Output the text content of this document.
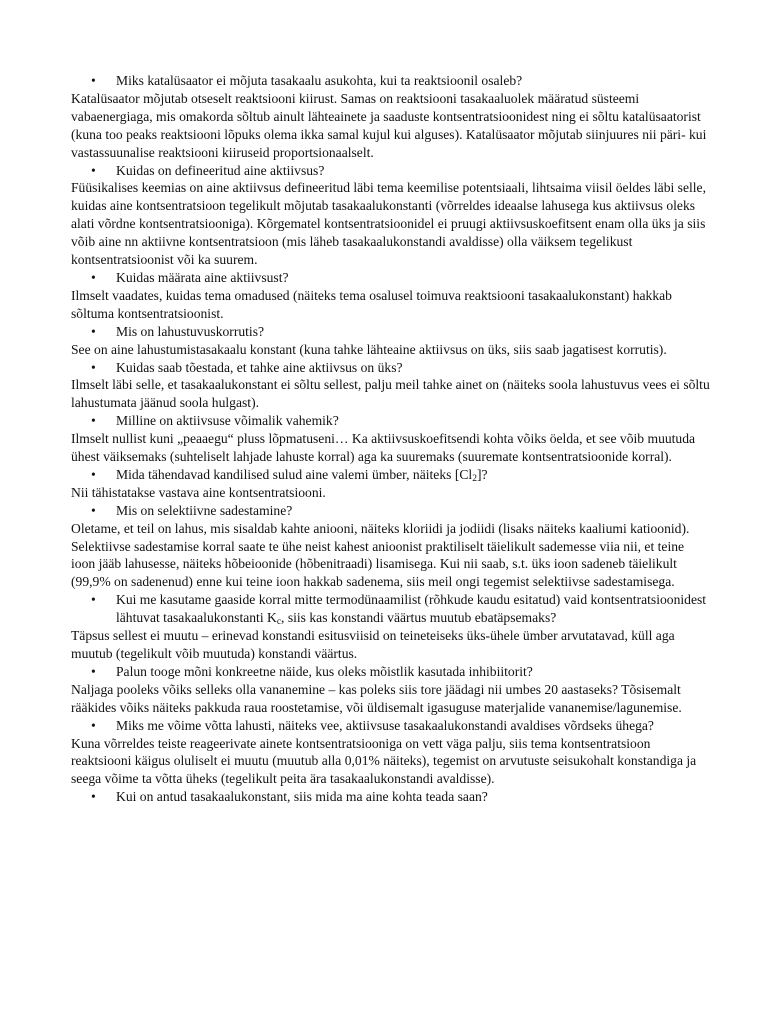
• Miks katalüsaator ei mõjuta tasakaalu asukohta, kui ta reaktsioonil osaleb?
Katalüsaator mõjutab otseselt reaktsiooni kiirust. Samas on reaktsiooni tasakaaluolek määratud süsteemi vabaenergiaga, mis omakorda sõltub ainult lähteainete ja saaduste kontsentratsioonidest ning ei sõltu katalüsaatorist (kuna too peaks reaktsiooni lõpuks olema ikka samal kujul kui alguses). Katalüsaator mõjutab siinjuures nii päri- kui vastassuunalise reaktsiooni kiiruseid proportsionaalselt.
• Kuidas on defineeritud aine aktiivsus?
Füüsikalises keemias on aine aktiivsus defineeritud läbi tema keemilise potentsiaali, lihtsaima viisil öeldes läbi selle, kuidas aine kontsentratsioon tegelikult mõjutab tasakaalukonstanti (võrreldes ideaalse lahusega kus aktiivsus oleks alati võrdne kontsentratsiooniga). Kõrgematel kontsentratsioonidel ei pruugi aktiivsuskoefitsent enam olla üks ja siis võib aine nn aktiivne kontsentratsioon (mis läheb tasakaalukonstandi avaldisse) olla väiksem tegelikust kontsentratsioonist või ka suurem.
• Kuidas määrata aine aktiivsust?
Ilmselt vaadates, kuidas tema omadused (näiteks tema osalusel toimuva reaktsiooni tasakaalukonstant) hakkab sõltuma kontsentratsioonist.
• Mis on lahustuvuskorrutis?
See on aine lahustumistasakaalu konstant (kuna tahke lähteaine aktiivsus on üks, siis saab jagatisest korrutis).
• Kuidas saab tõestada, et tahke aine aktiivsus on üks?
Ilmselt läbi selle, et tasakaalukonstant ei sõltu sellest, palju meil tahke ainet on (näiteks soola lahustuvus vees ei sõltu lahustumata jäänud soola hulgast).
• Milline on aktiivsuse võimalik vahemik?
Ilmselt nullist kuni „peaaegu“ pluss lõpmatuseni… Ka aktiivsuskoefitsendi kohta võiks öelda, et see võib muutuda ühest väiksemaks (suhteliselt lahjade lahuste korral) aga ka suuremaks (suuremate kontsentratsioonide korral).
• Mida tähendavad kandilised sulud aine valemi ümber, näiteks $[Cl_2]$?
Nii tähistatakse vastava aine kontsentratsiooni.
• Mis on selektiivne sadestamine?
Oletame, et teil on lahus, mis sisaldab kahte aniooni, näiteks kloriidi ja jodiidi (lisaks näiteks kaaliumi katioonid). Selektiivse sadestamise korral saate te ühe neist kahest anioonist praktiliselt täielikult sademesse viia nii, et teine ioon jääb lahusesse, näiteks hõbeioonide (hõbenitraadi) lisamisega. Kui nii saab, s.t. üks ioon sadeneb täielikult (99,9% on sadenenud) enne kui teine ioon hakkab sadenema, siis meil ongi tegemist selektiivse sadestamisega.
• Kui me kasutame gaaside korral mitte termodünaamilist (rõhkude kaudu esitatud) vaid kontsentratsioonidest lähtuvat tasakaalukonstanti $K_c$, siis kas konstandi väärtus muutub ebatäpsemaks?
Täpsus sellest ei muutu – erinevad konstandi esitusviisid on teineteiseks üks-ühele ümber arvutatavad, küll aga muutub (tegelikult võib muutuda) konstandi väärtus.
• Palun tooge mõni konkreetne näide, kus oleks mõistlik kasutada inhibiitorit?
Naljaga pooleks võiks selleks olla vananemine – kas poleks siis tore jäädagi nii umbes 20 aastaseks? Tõsisemalt rääkides võiks näiteks pakkuda raua roostetamise, või üldisemalt igasuguse materjalide vananemise/lagunemise.
• Miks me võime võtta lahusti, näiteks vee, aktiivsuse tasakaalukonstandi avaldises võrdseks ühega?
Kuna võrreldes teiste reageerivate ainete kontsentratsiooniga on vett väga palju, siis tema kontsentratsioon reaktsiooni käigus oluliselt ei muutu (muutub alla 0,01% näiteks), tegemist on arvutuste seisukohalt konstandiga ja seega võime ta võtta üheks (tegelikult peita ära tasakaalukonstandi avaldisse).
• Kui on antud tasakaalukonstant, siis mida ma aine kohta teada saan?
